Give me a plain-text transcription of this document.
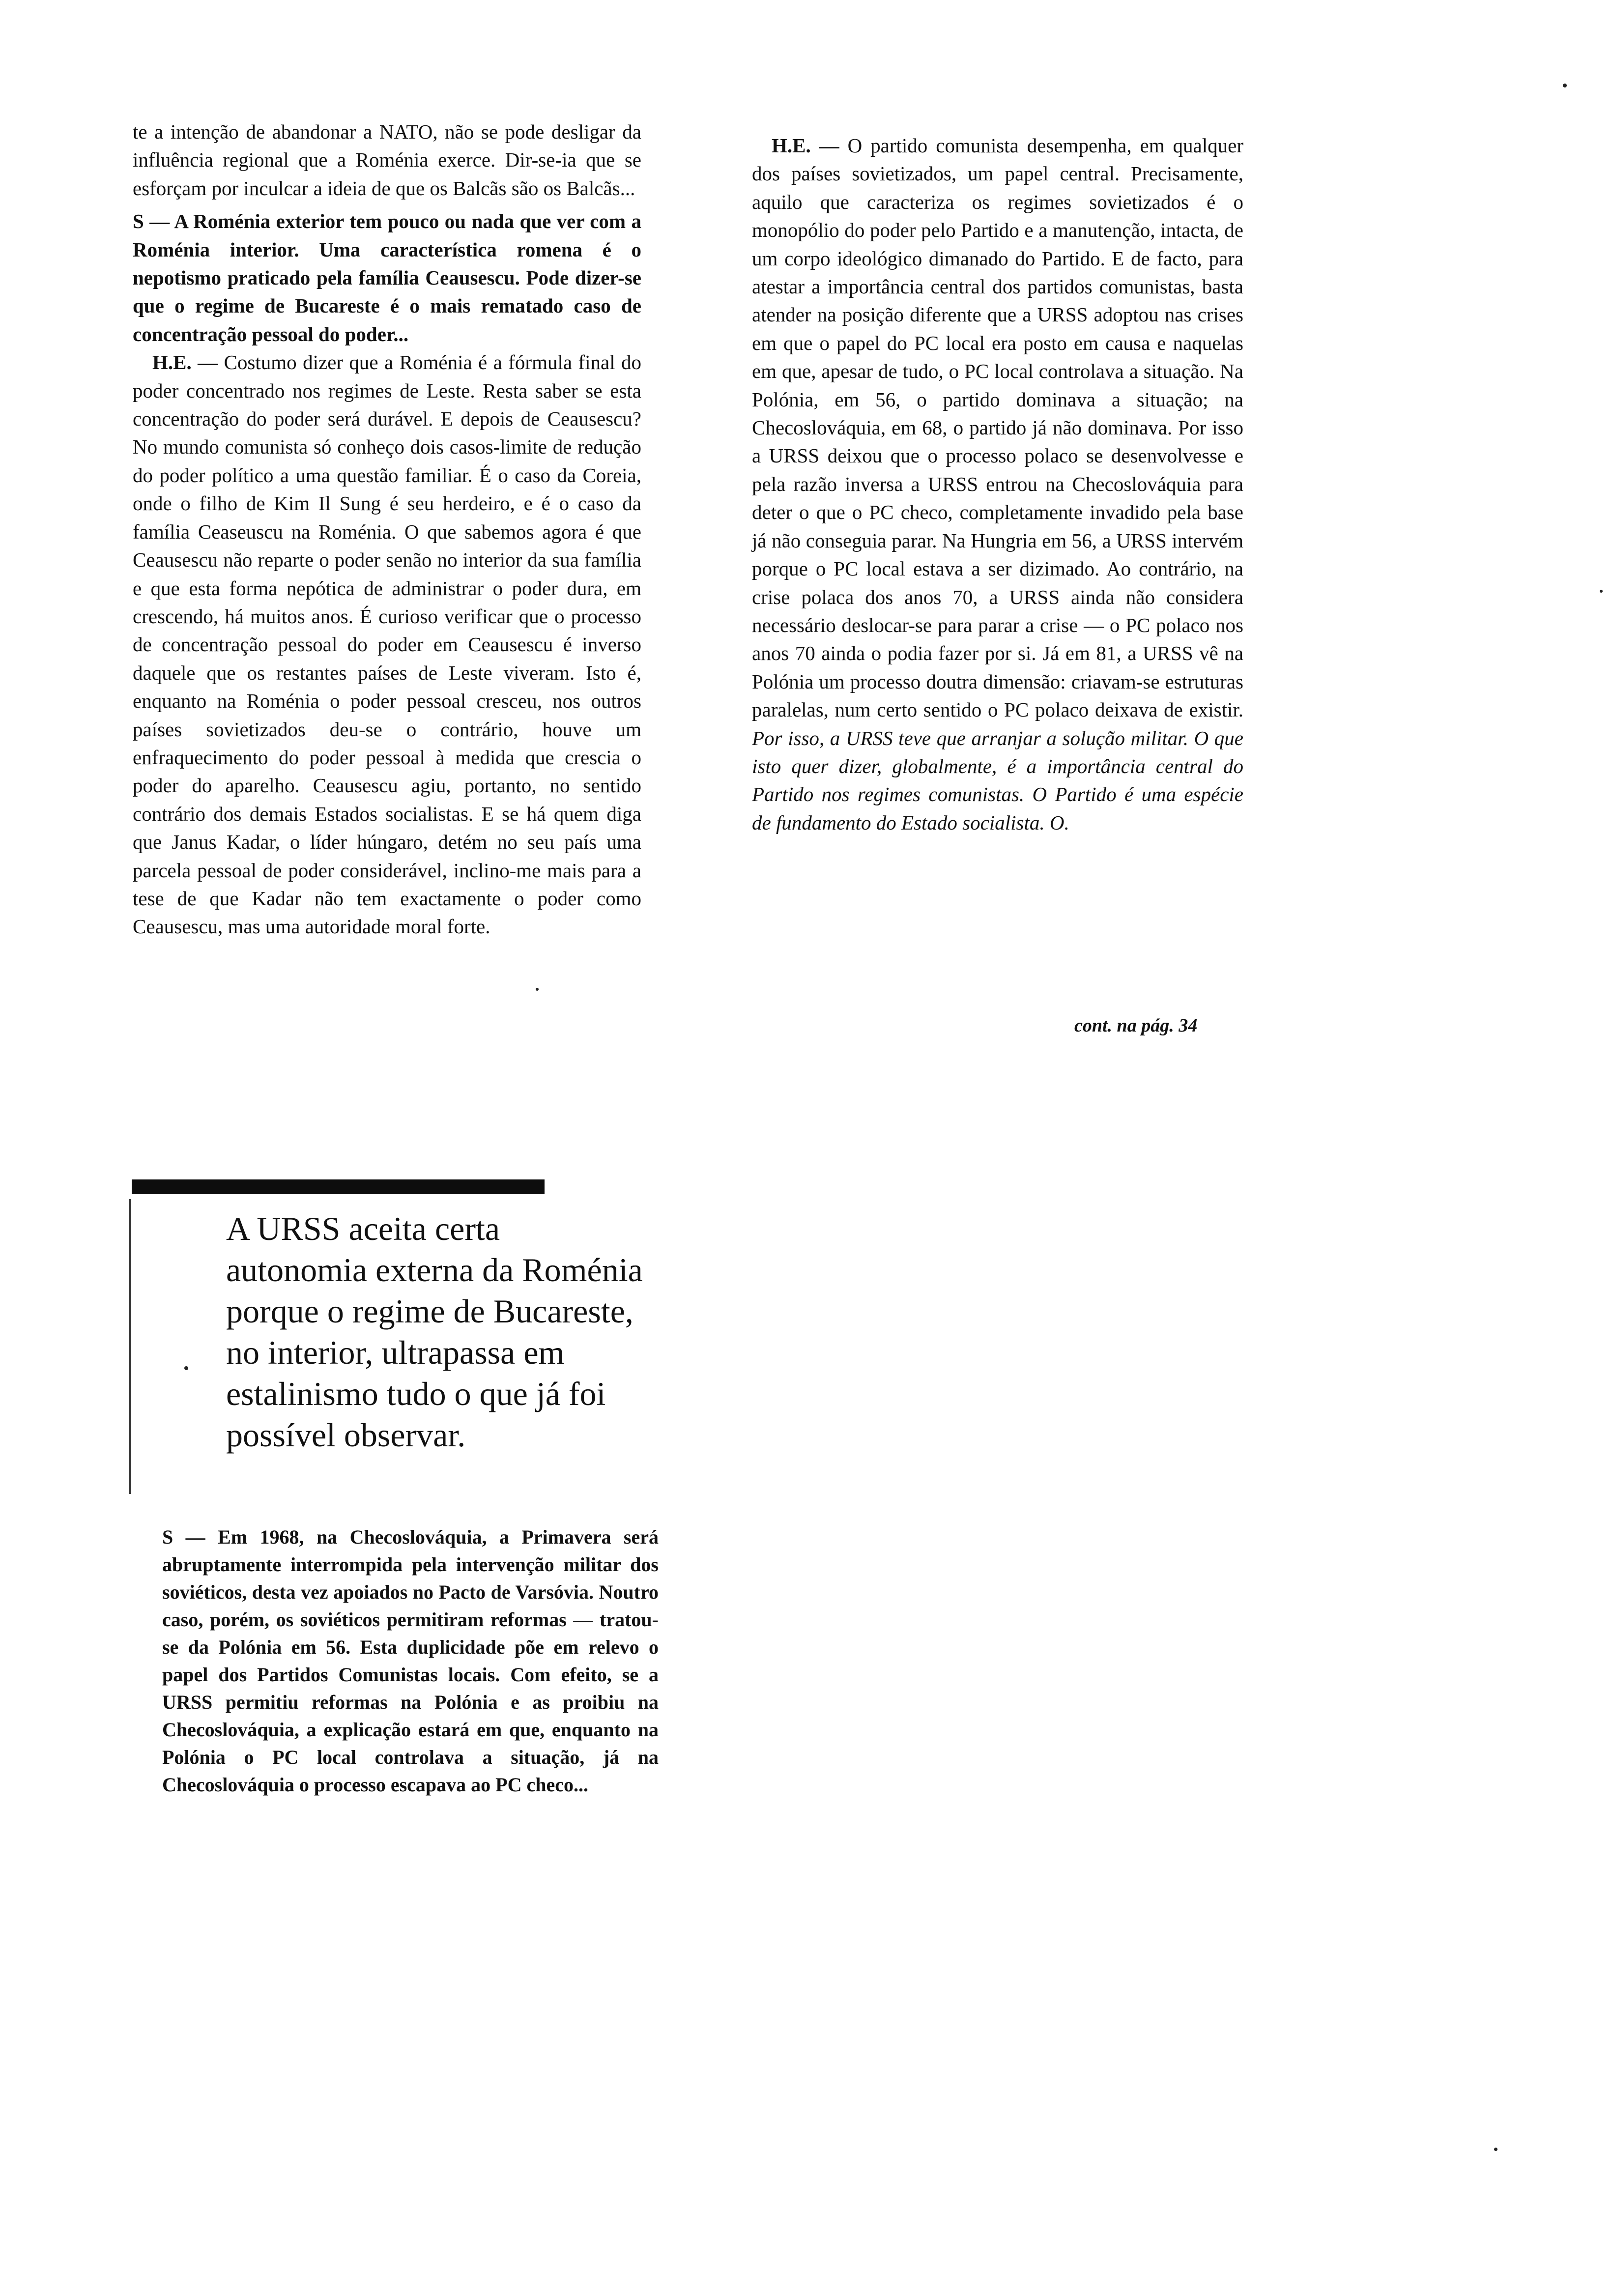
te a intenção de abandonar a NATO, não se pode desligar da influência regional que a Roménia exerce. Dir-se-ia que se esforçam por inculcar a ideia de que os Balcãs são os Balcãs...

S — A Roménia exterior tem pouco ou nada que ver com a Roménia interior. Uma característica romena é o nepotismo praticado pela família Ceausescu. Pode dizer-se que o regime de Bucareste é o mais rematado caso de concentração pessoal do poder...

H.E. — Costumo dizer que a Roménia é a fórmula final do poder concentrado nos regimes de Leste. Resta saber se esta concentração do poder será durável. E depois de Ceausescu? No mundo comunista só conheço dois casos-limite de redução do poder político a uma questão familiar. É o caso da Coreia, onde o filho de Kim Il Sung é seu herdeiro, e é o caso da família Ceaseuscu na Roménia. O que sabemos agora é que Ceausescu não reparte o poder senão no interior da sua família e que esta forma nepótica de administrar o poder dura, em crescendo, há muitos anos. É curioso verificar que o processo de concentração pessoal do poder em Ceausescu é inverso daquele que os restantes países de Leste viveram. Isto é, enquanto na Roménia o poder pessoal cresceu, nos outros países sovietizados deu-se o contrário, houve um enfraquecimento do poder pessoal à medida que crescia o poder do aparelho. Ceausescu agiu, portanto, no sentido contrário dos demais Estados socialistas. E se há quem diga que Janus Kadar, o líder húngaro, detém no seu país uma parcela pessoal de poder considerável, inclino-me mais para a tese de que Kadar não tem exactamente o poder como Ceausescu, mas uma autoridade moral forte.

A URSS aceita certa autonomia externa da Roménia porque o regime de Bucareste, no interior, ultrapassa em estalinismo tudo o que já foi possível observar.
S — Em 1968, na Checoslováquia, a Primavera será abruptamente interrompida pela intervenção militar dos soviéticos, desta vez apoiados no Pacto de Varsóvia. Noutro caso, porém, os soviéticos permitiram reformas — tratou-se da Polónia em 56. Esta duplicidade põe em relevo o papel dos Partidos Comunistas locais. Com efeito, se a URSS permitiu reformas na Polónia e as proibiu na Checoslováquia, a explicação estará em que, enquanto na Polónia o PC local controlava a situação, já na Checoslováquia o processo escapava ao PC checo...

H.E. — O partido comunista desempenha, em qualquer dos países sovietizados, um papel central. Precisamente, aquilo que caracteriza os regimes sovietizados é o monopólio do poder pelo Partido e a manutenção, intacta, de um corpo ideológico dimanado do Partido. E de facto, para atestar a importância central dos partidos comunistas, basta atender na posição diferente que a URSS adoptou nas crises em que o papel do PC local era posto em causa e naquelas em que, apesar de tudo, o PC local controlava a situação. Na Polónia, em 56, o partido dominava a situação; na Checoslováquia, em 68, o partido já não dominava. Por isso a URSS deixou que o processo polaco se desenvolvesse e pela razão inversa a URSS entrou na Checoslováquia para deter o que o PC checo, completamente invadido pela base já não conseguia parar. Na Hungria em 56, a URSS intervém porque o PC local estava a ser dizimado. Ao contrário, na crise polaca dos anos 70, a URSS ainda não considera necessário deslocar-se para parar a crise — o PC polaco nos anos 70 ainda o podia fazer por si. Já em 81, a URSS vê na Polónia um processo doutra dimensão: criavam-se estruturas paralelas, num certo sentido o PC polaco deixava de existir. Por isso, a URSS teve que arranjar a solução militar. O que isto quer dizer, globalmente, é a importância central do Partido nos regimes comunistas. O Partido é uma espécie de fundamento do Estado socialista. O.

cont. na pág. 34
